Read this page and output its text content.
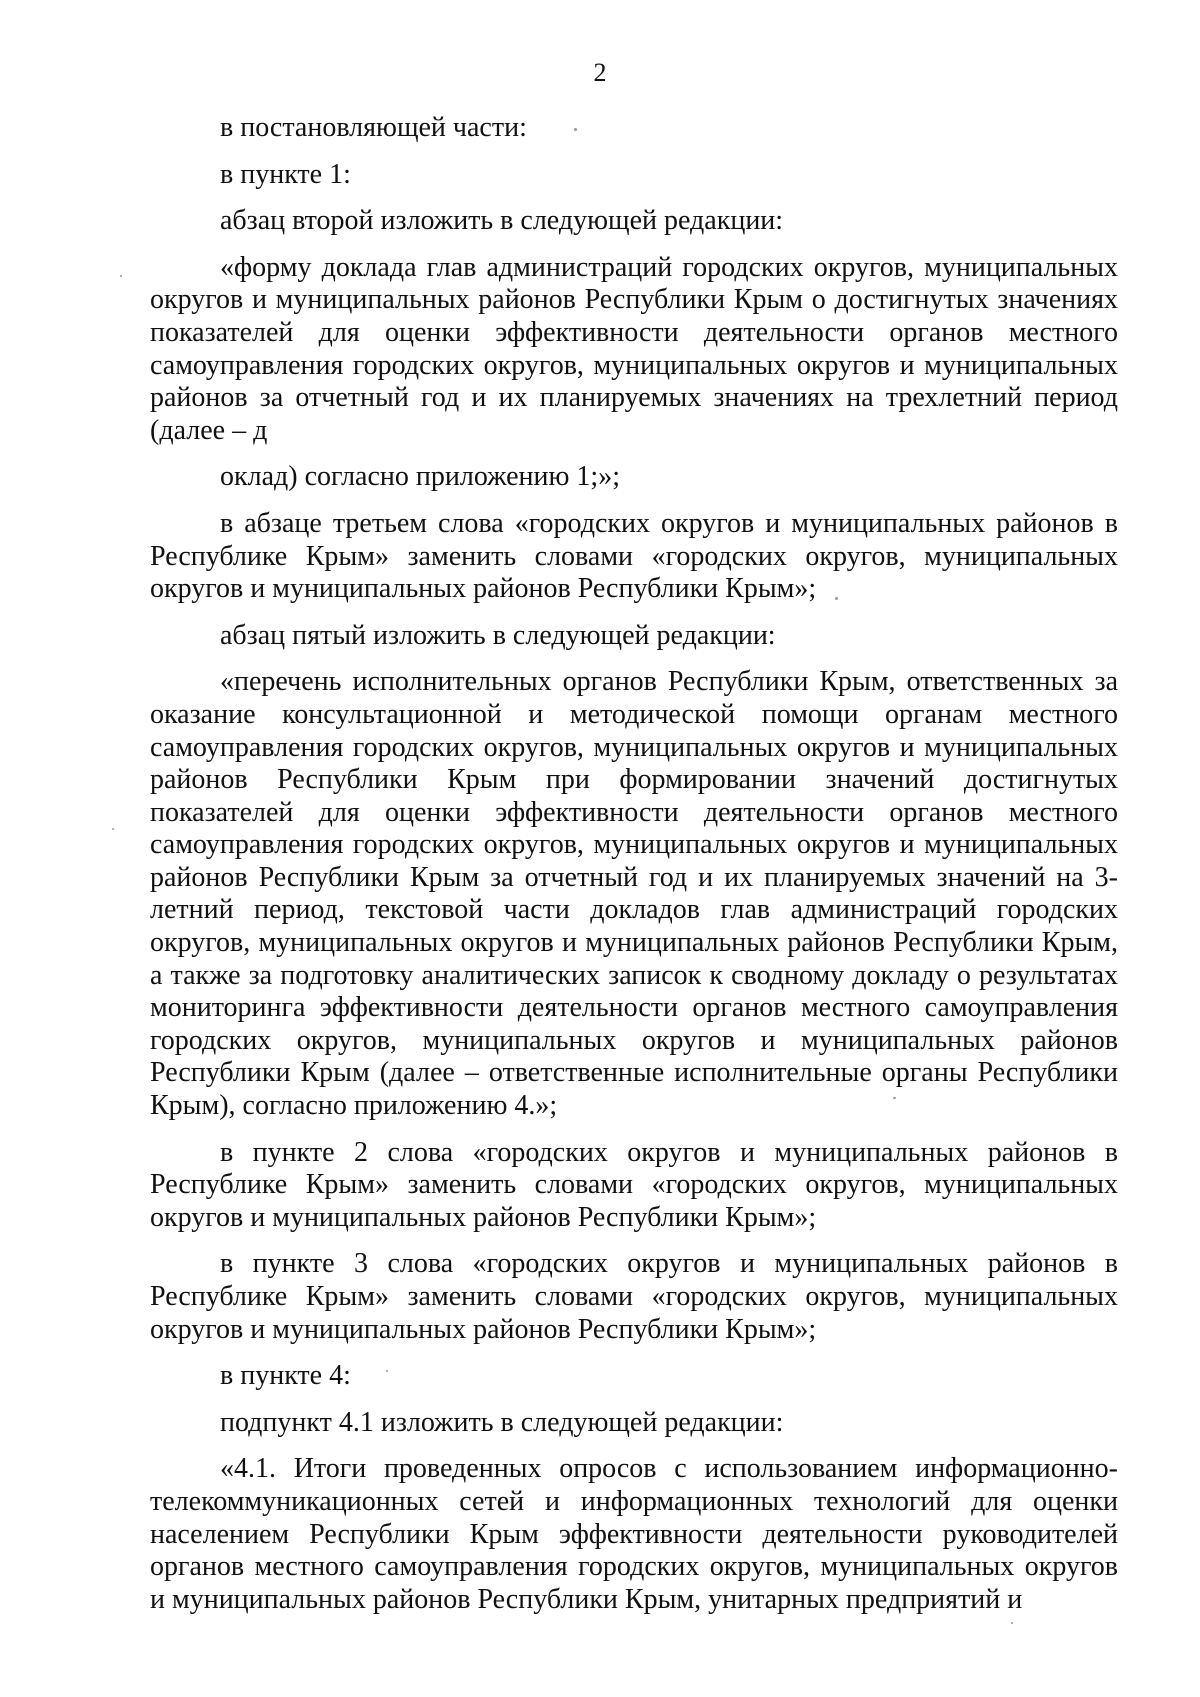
2

в постановляющей части:

в пункте 1:

абзац второй изложить в следующей редакции:

«форму доклада глав администраций городских округов, муниципальных округов и муниципальных районов Республики Крым о достигнутых значениях показателей для оценки эффективности деятельности органов местного самоуправления городских округов, муниципальных округов и муниципальных районов за отчетный год и их планируемых значениях на трехлетний период (далее – д

оклад) согласно приложению 1;»;

в абзаце третьем слова «городских округов и муниципальных районов в Республике Крым» заменить словами «городских округов, муниципальных округов и муниципальных районов Республики Крым»;

абзац пятый изложить в следующей редакции:

«перечень исполнительных органов Республики Крым, ответственных за оказание консультационной и методической помощи органам местного самоуправления городских округов, муниципальных округов и муниципальных районов Республики Крым при формировании значений достигнутых показателей для оценки эффективности деятельности органов местного самоуправления городских округов, муниципальных округов и муниципальных районов Республики Крым за отчетный год и их планируемых значений на 3-летний период, текстовой части докладов глав администраций городских округов, муниципальных округов и муниципальных районов Республики Крым, а также за подготовку аналитических записок к сводному докладу о результатах мониторинга эффективности деятельности органов местного самоуправления городских округов, муниципальных округов и муниципальных районов Республики Крым (далее – ответственные исполнительные органы Республики Крым), согласно приложению 4.»;

в пункте 2 слова «городских округов и муниципальных районов в Республике Крым» заменить словами «городских округов, муниципальных округов и муниципальных районов Республики Крым»;

в пункте 3 слова «городских округов и муниципальных районов в Республике Крым» заменить словами «городских округов, муниципальных округов и муниципальных районов Республики Крым»;

в пункте 4:

подпункт 4.1 изложить в следующей редакции:

«4.1. Итоги проведенных опросов с использованием информационно-телекоммуникационных сетей и информационных технологий для оценки населением Республики Крым эффективности деятельности руководителей органов местного самоуправления городских округов, муниципальных округов и муниципальных районов Республики Крым, унитарных предприятий и
